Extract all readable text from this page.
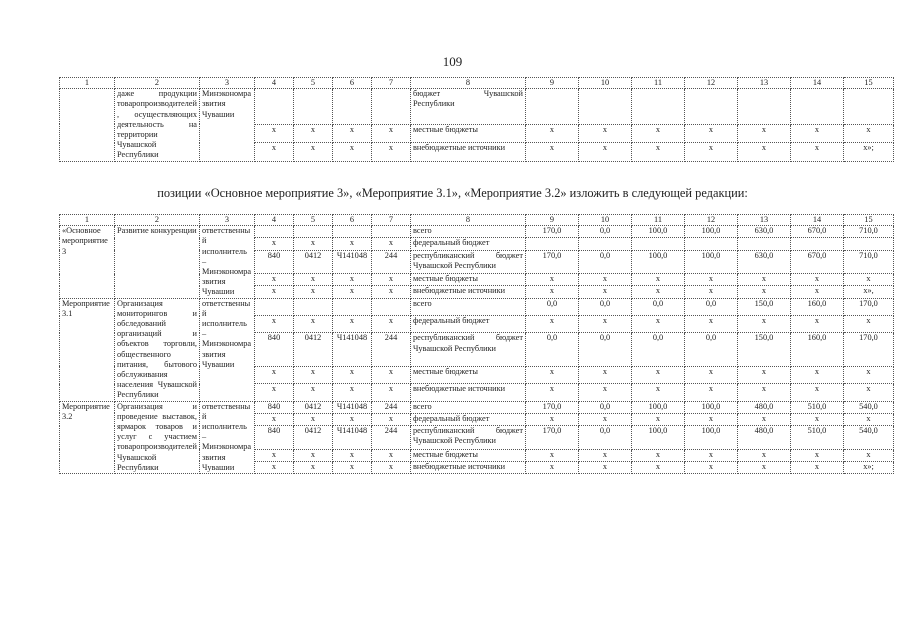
109
1	2	3	4	5	6	7	8	9	10	11	12	13	14	15
	даже продукции товаропроизводителей, осуществляющих деятельность на территории Чувашской Республики	Минэкономразвития Чувашии					бюджет Чувашской Республики							
			x	x	x	x	местные бюджеты	x	x	x	x	x	x	x
			x	x	x	x	внебюджетные источники	x	x	x	x	x	x	x»;
позиции «Основное мероприятие 3», «Мероприятие 3.1», «Мероприятие 3.2» изложить в следующей редакции:
1	2	3	4	5	6	7	8	9	10	11	12	13	14	15
«Основное мероприятие 3	Развитие конкуренции	ответственный исполнитель – Минэкономразвития Чувашии					всего	170,0	0,0	100,0	100,0	630,0	670,0	710,0
			x	x	x	x	федеральный бюджет							
			840	0412	Ч141048	244	республиканский бюджет Чувашской Республики	170,0	0,0	100,0	100,0	630,0	670,0	710,0
			x	x	x	x	местные бюджеты	x	x	x	x	x	x	x
			x	x	x	x	внебюджетные источники	x	x	x	x	x	x	x»,
Мероприятие 3.1	Организация мониторингов и обследований организаций и объектов торговли, общественного питания, бытового обслуживания населения Чувашской Республики	ответственный исполнитель – Минэкономразвития Чувашии					всего	0,0	0,0	0,0	0,0	150,0	160,0	170,0
			x	x	x	x	федеральный бюджет	x	x	x	x	x	x	x
			840	0412	Ч141048	244	республиканский бюджет Чувашской Республики	0,0	0,0	0,0	0,0	150,0	160,0	170,0
			x	x	x	x	местные бюджеты	x	x	x	x	x	x	x
			x	x	x	x	внебюджетные источники	x	x	x	x	x	x	x
Мероприятие 3.2	Организация и проведение выставок, ярмарок товаров и услуг с участием товаропроизводителей Чувашской Республики	ответственный исполнитель – Минэкономразвития Чувашии	840	0412	Ч141048	244	всего	170,0	0,0	100,0	100,0	480,0	510,0	540,0
			x	x	x	x	федеральный бюджет	x	x	x	x	x	x	x
			840	0412	Ч141048	244	республиканский бюджет Чувашской Республики	170,0	0,0	100,0	100,0	480,0	510,0	540,0
			x	x	x	x	местные бюджеты	x	x	x	x	x	x	x
			x	x	x	x	внебюджетные источники	x	x	x	x	x	x	x»;
